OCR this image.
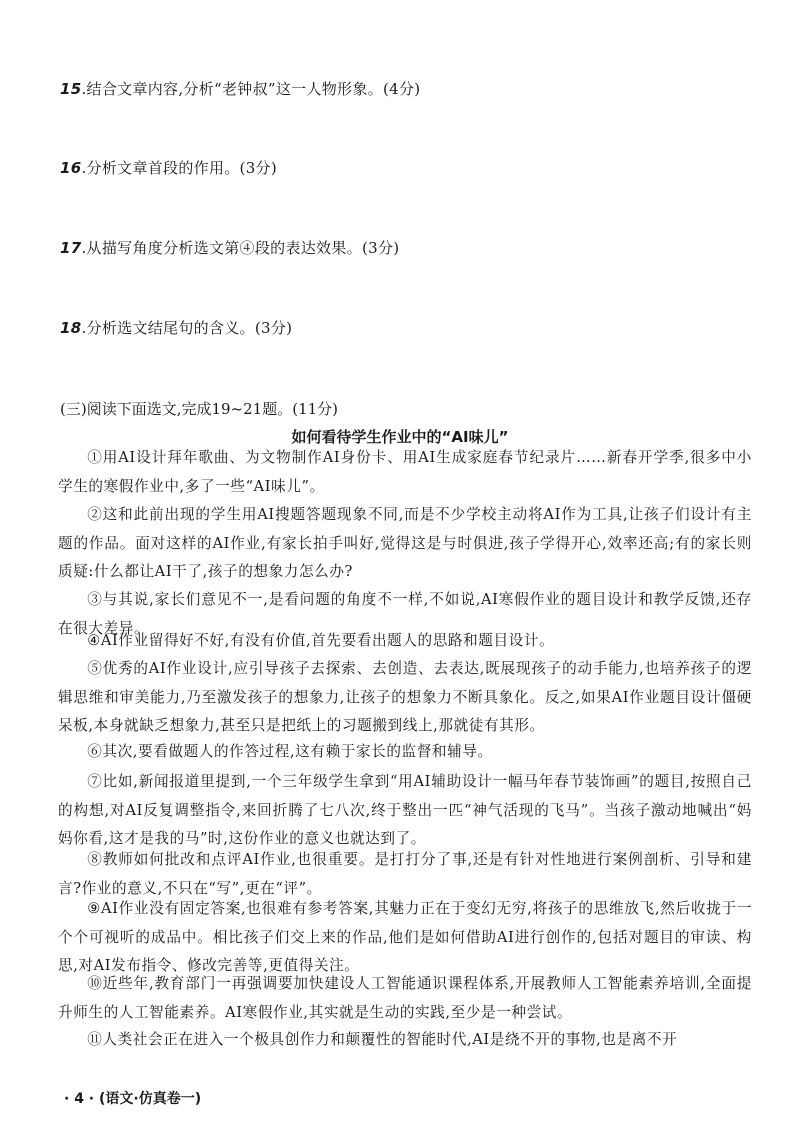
15.结合文章内容,分析“老钟叔”这一人物形象。(4分)
16.分析文章首段的作用。(3分)
17.从描写角度分析选文第④段的表达效果。(3分)
18.分析选文结尾句的含义。(3分)
(三)阅读下面选文,完成19~21题。(11分)
如何看待学生作业中的“AI味儿”
①用AI设计拜年歌曲、为文物制作AI身份卡、用AI生成家庭春节纪录片……新春开学季,很多中小学生的寒假作业中,多了一些“AI味儿”。
②这和此前出现的学生用AI搜题答题现象不同,而是不少学校主动将AI作为工具,让孩子们设计有主题的作品。面对这样的AI作业,有家长拍手叫好,觉得这是与时俱进,孩子学得开心,效率还高;有的家长则质疑:什么都让AI干了,孩子的想象力怎么办?
③与其说,家长们意见不一,是看问题的角度不一样,不如说,AI寒假作业的题目设计和教学反馈,还存在很大差异。
④AI作业留得好不好,有没有价值,首先要看出题人的思路和题目设计。
⑤优秀的AI作业设计,应引导孩子去探索、去创造、去表达,既展现孩子的动手能力,也培养孩子的逻辑思维和审美能力,乃至激发孩子的想象力,让孩子的想象力不断具象化。反之,如果AI作业题目设计僵硬呆板,本身就缺乏想象力,甚至只是把纸上的习题搬到线上,那就徒有其形。
⑥其次,要看做题人的作答过程,这有赖于家长的监督和辅导。
⑦比如,新闻报道里提到,一个三年级学生拿到“用AI辅助设计一幅马年春节装饰画”的题目,按照自己的构想,对AI反复调整指令,来回折腾了七八次,终于整出一匹“神气活现的飞马”。当孩子激动地喊出“妈妈你看,这才是我的马”时,这份作业的意义也就达到了。
⑧教师如何批改和点评AI作业,也很重要。是打打分了事,还是有针对性地进行案例剖析、引导和建言?作业的意义,不只在“写”,更在“评”。
⑨AI作业没有固定答案,也很难有参考答案,其魅力正在于变幻无穷,将孩子的思维放飞,然后收拢于一个个可视听的成品中。相比孩子们交上来的作品,他们是如何借助AI进行创作的,包括对题目的审读、构思,对AI发布指令、修改完善等,更值得关注。
⑩近些年,教育部门一再强调要加快建设人工智能通识课程体系,开展教师人工智能素养培训,全面提升师生的人工智能素养。AI寒假作业,其实就是生动的实践,至少是一种尝试。
⑪人类社会正在进入一个极具创作力和颠覆性的智能时代,AI是绕不开的事物,也是离不开
· 4 · (语文·仿真卷一)
